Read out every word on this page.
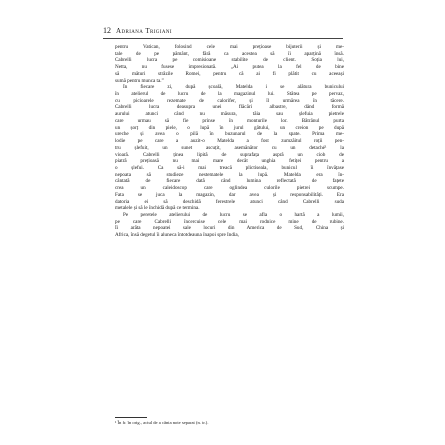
12 Adriana Trigiani
pentru Vatican, folosind cele mai prețioase bijuterii și me-
tale de pe pământ, fără ca acestea să îi aparțină însă.
Cabrelli lucra pe comisioane stabilite de client. Soția lui,
Netta, nu fusese impresionată. „Ai putea la fel de bine
să mături străzile Romei, pentru că ai fi plătit cu aceeași
sumă pentru munca ta.”
În fiecare zi, după școală, Matelda i se alătura bunicului
în atelierul de lucru de la magazinul lui. Stătea pe pervaz,
cu picioarele rezemate de calorifer, și îl urmărea în tăcere.
Cabrelli lucra deasupra unei flăcări albastre, dând formă
aurului atunci când nu măsura, tăia sau șlefuia pietrele
care urmau să fie prinse în monturile lor. Bătrânul purta
un șorț din piele, o lupă în jurul gâtului, un creion pe după
ureche și avea o pilă în buzunarul de la spate. Prima me-
lodie pe care a auzit-o Matelda a fost zumzăitul roții pen-
tru șlefuit, un sunet ascuțit, asemănător cu un detaché¹ la
vioară. Cabrelli ținea lipită de suprafața aspră un ciob de
piatră prețioasă nu mai mare decât unghia fetiței pentru a
o șlefui. Ca să-i mai treacă plictiseala, bunicul îi învățase
nepoata să studieze nestematele la lupă. Matelda era în-
cântată de fiecare dată când lumina reflectată de fațete
crea un caleidoscop care oglindea culorile pietrei scumpe.
Fata se juca la magazin, dar avea și responsabilități. Era
datoria ei să deschidă ferestrele atunci când Cabrelli suda
metalele și să le închidă după ce termina.
Pe peretele atelierului de lucru se afla o hartă a lumii,
pe care Cabrelli încercuise cele mai rodnice mine de rubine.
Îi arăta nepoatei sale locuri din America de Sud, China și
Africa, însă degetul îi aluneca întotdeauna înapoi spre India,
¹ În fr. în orig., actul de a cânta note separat (n. tr.).
